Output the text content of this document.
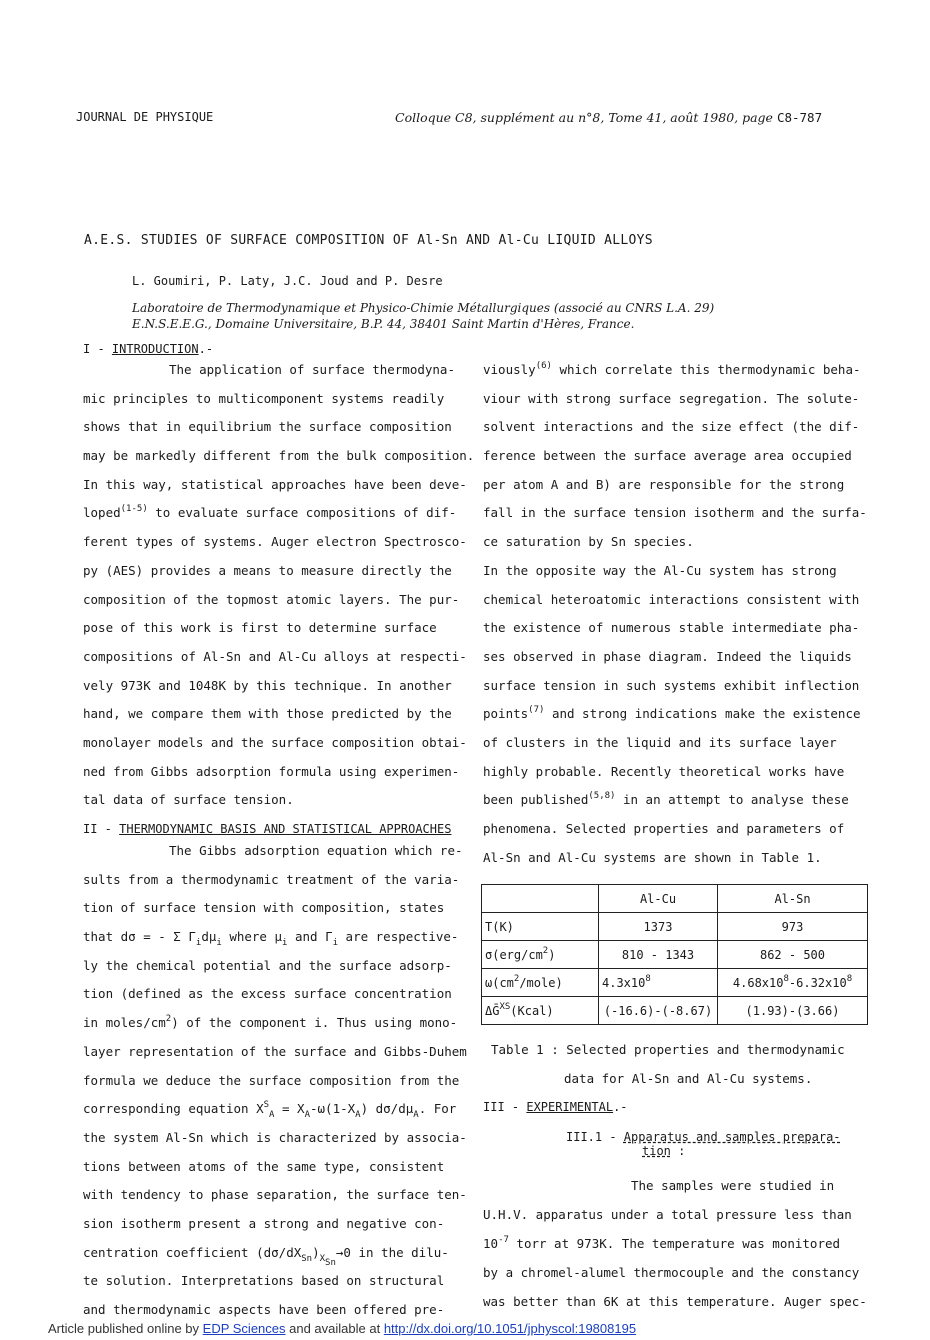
JOURNAL DE PHYSIQUE	Colloque C8, supplément au n°8, Tome 41, août 1980, page C8-787
A.E.S. STUDIES OF SURFACE COMPOSITION OF Al-Sn AND Al-Cu LIQUID ALLOYS
L. Goumiri, P. Laty, J.C. Joud and P. Desre
Laboratoire de Thermodynamique et Physico-Chimie Métallurgiques (associé au CNRS L.A. 29)
E.N.S.E.E.G., Domaine Universitaire, B.P. 44, 38401 Saint Martin d'Hères, France.
I - INTRODUCTION.-
The application of surface thermodyna-
mic principles to multicomponent systems readily
shows that in equilibrium the surface composition
may be markedly different from the bulk composition.
In this way, statistical approaches have been deve-
loped$^{(1-5)}$ to evaluate surface compositions of dif-
ferent types of systems. Auger electron Spectrosco-
py (AES) provides a means to measure directly the
composition of the topmost atomic layers. The pur-
pose of this work is first to determine surface
compositions of Al-Sn and Al-Cu alloys at respecti-
vely 973K and 1048K by this technique. In another
hand, we compare them with those predicted by the
monolayer models and the surface composition obtai-
ned from Gibbs adsorption formula using experimen-
tal data of surface tension.
II - THERMODYNAMIC BASIS AND STATISTICAL APPROACHES
The Gibbs adsorption equation which re-
sults from a thermodynamic treatment of the varia-
tion of surface tension with composition, states
that dσ = - Σ $\Gamma_id\mu_i$ where $\mu_i$ and $\Gamma_i$ are respective-
ly the chemical potential and the surface adsorp-
tion (defined as the excess surface concentration
in moles/$cm^2$) of the component i. Thus using mono-
layer representation of the surface and Gibbs-Duhem
formula we deduce the surface composition from the
corresponding equation $X^S_A = X_A-\omega(1-X_A)$ $d\sigma/d\mu_A$. For
the system Al-Sn which is characterized by associa-
tions between atoms of the same type, consistent
with tendency to phase separation, the surface ten-
sion isotherm present a strong and negative con-
centration coefficient $(d\sigma/dX_{Sn})_{X_{Sn}}\to 0$ in the dilu-
te solution. Interpretations based on structural
and thermodynamic aspects have been offered pre-
viously$^{(6)}$ which correlate this thermodynamic beha-
viour with strong surface segregation. The solute-
solvent interactions and the size effect (the dif-
ference between the surface average area occupied
per atom A and B) are responsible for the strong
fall in the surface tension isotherm and the surfa-
ce saturation by Sn species.
In the opposite way the Al-Cu system has strong
chemical heteroatomic interactions consistent with
the existence of numerous stable intermediate pha-
ses observed in phase diagram. Indeed the liquids
surface tension in such systems exhibit inflection
points$^{(7)}$ and strong indications make the existence
of clusters in the liquid and its surface layer
highly probable. Recently theoretical works have
been published$^{(5,8)}$ in an attempt to analyse these
phenomena. Selected properties and parameters of
Al-Sn and Al-Cu systems are shown in Table 1.
	Al-Cu	Al-Sn
T(K)	1373	973
$\sigma(erg/cm^2)$	810 - 1343	862 - 500
$\omega(cm^2/mole)$	$4.3x10^8$	$4.68x10^8-6.32x10^8$
ΔḠ$^{XS}$(Kcal)	(-16.6)-(-8.67)	(1.93)-(3.66)
Table 1 : Selected properties and thermodynamic
data for Al-Sn and Al-Cu systems.
III - EXPERIMENTAL.-
III.1 - Apparatus and samples prepara-
tion :
The samples were studied in
U.H.V. apparatus under a total pressure less than
$10^{-7}$ torr at 973K. The temperature was monitored
by a chromel-alumel thermocouple and the constancy
was better than 6K at this temperature. Auger spec-
Article published online by EDP Sciences and available at http://dx.doi.org/10.1051/jphyscol:19808195
